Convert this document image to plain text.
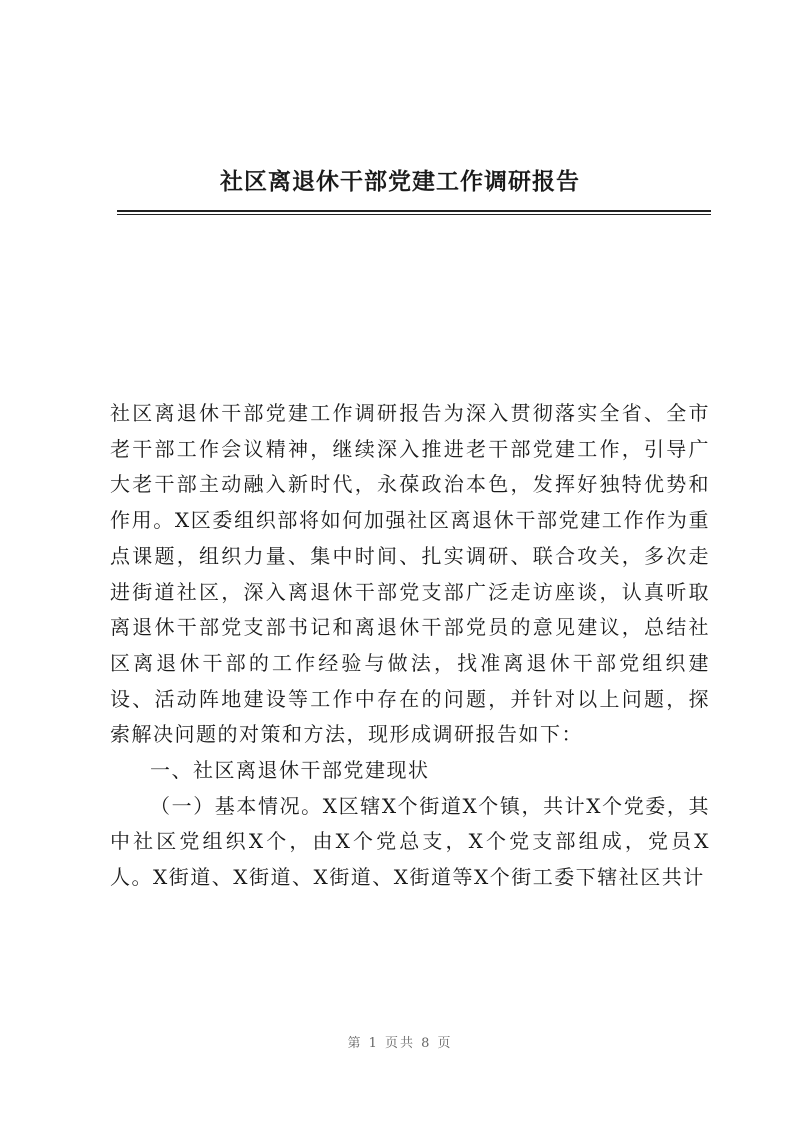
社区离退休干部党建工作调研报告

社区离退休干部党建工作调研报告为深入贯彻落实全省、全市老干部工作会议精神，继续深入推进老干部党建工作，引导广大老干部主动融入新时代，永葆政治本色，发挥好独特优势和作用。X区委组织部将如何加强社区离退休干部党建工作作为重点课题，组织力量、集中时间、扎实调研、联合攻关，多次走进街道社区，深入离退休干部党支部广泛走访座谈，认真听取离退休干部党支部书记和离退休干部党员的意见建议，总结社区离退休干部的工作经验与做法，找准离退休干部党组织建设、活动阵地建设等工作中存在的问题，并针对以上问题，探索解决问题的对策和方法，现形成调研报告如下：

一、社区离退休干部党建现状

（一）基本情况。X区辖X个街道X个镇，共计X个党委，其中社区党组织X个，由X个党总支，X个党支部组成，党员X人。X街道、X街道、X街道、X街道等X个街工委下辖社区共计

第 1 页共 8 页
